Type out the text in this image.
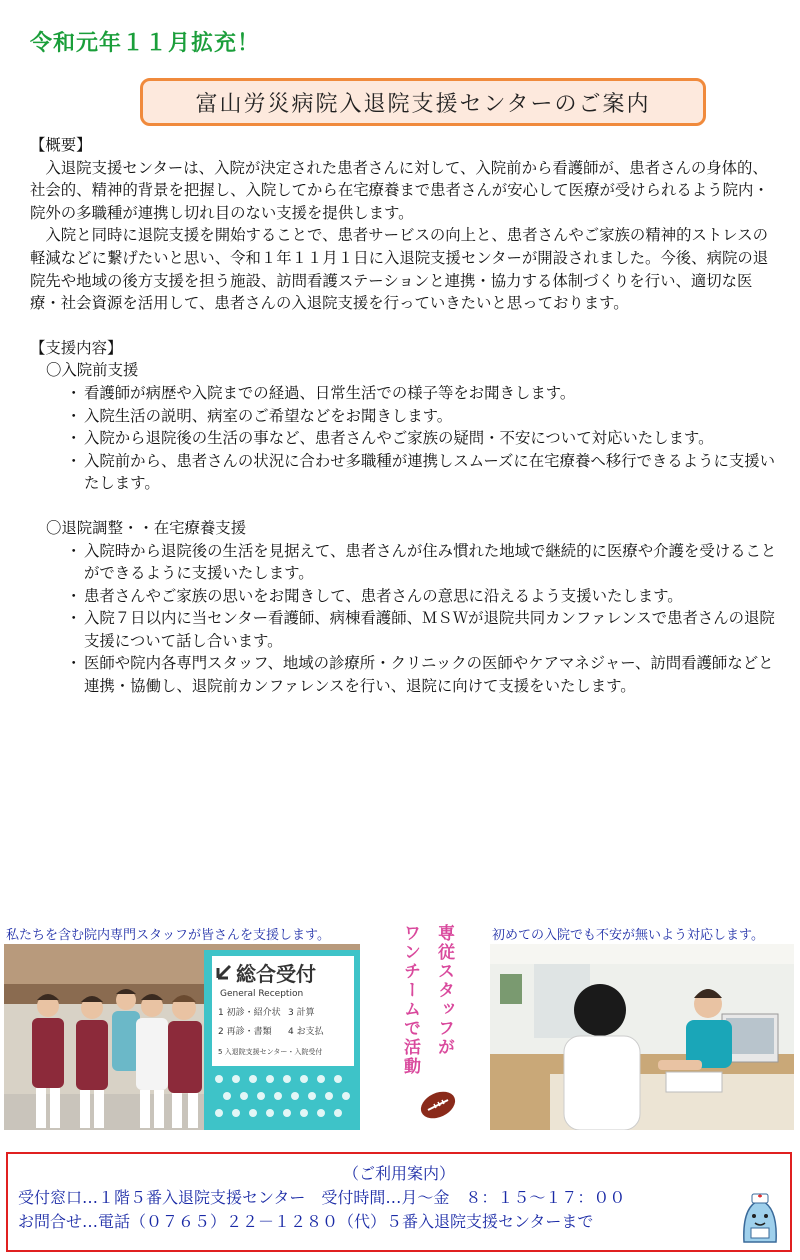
令和元年１１月拡充！
富山労災病院入退院支援センターのご案内

【概要】

入退院支援センターは、入院が決定された患者さんに対して、入院前から看護師が、患者さんの身体的、社会的、精神的背景を把握し、入院してから在宅療養まで患者さんが安心して医療が受けられるよう院内・院外の多職種が連携し切れ目のない支援を提供します。

入院と同時に退院支援を開始することで、患者サービスの向上と、患者さんやご家族の精神的ストレスの軽減などに繋げたいと思い、令和１年１１月１日に入退院支援センターが開設されました。今後、病院の退院先や地域の後方支援を担う施設、訪問看護ステーションと連携・協力する体制づくりを行い、適切な医療・社会資源を活用して、患者さんの入退院支援を行っていきたいと思っております。

【支援内容】

〇入院前支援

・ 看護師が病歴や入院までの経過、日常生活での様子等をお聞きします。
・ 入院生活の説明、病室のご希望などをお聞きします。
・ 入院から退院後の生活の事など、患者さんやご家族の疑問・不安について対応いたします。
・ 入院前から、患者さんの状況に合わせ多職種が連携しスムーズに在宅療養へ移行できるように支援いたします。

〇退院調整・・在宅療養支援

・ 入院時から退院後の生活を見据えて、患者さんが住み慣れた地域で継続的に医療や介護を受けることができるように支援いたします。
・ 患者さんやご家族の思いをお聞きして、患者さんの意思に沿えるよう支援いたします。
・ 入院７日以内に当センター看護師、病棟看護師、ＭＳＷが退院共同カンファレンスで患者さんの退院支援について話し合います。
・ 医師や院内各専門スタッフ、地域の診療所・クリニックの医師やケアマネジャー、訪問看護師などと連携・協働し、退院前カンファレンスを行い、退院に向けて支援をいたします。
私たちを含む院内専門スタッフが皆さんを支援します。
総合受付
General Reception
1 初診・紹介状 3 計算
2 再診・書類	4 お支払
5 入退院支援センター・入院受付	専従スタッフが
ワンチームで活動	初めての入院でも不安が無いよう対応します。
（ご利用案内）
受付窓口…１階５番入退院支援センター　受付時間…月～金　８：１５～１７：００
お問合せ…電話（０７６５）２２－１２８０（代）５番入退院支援センターまで
